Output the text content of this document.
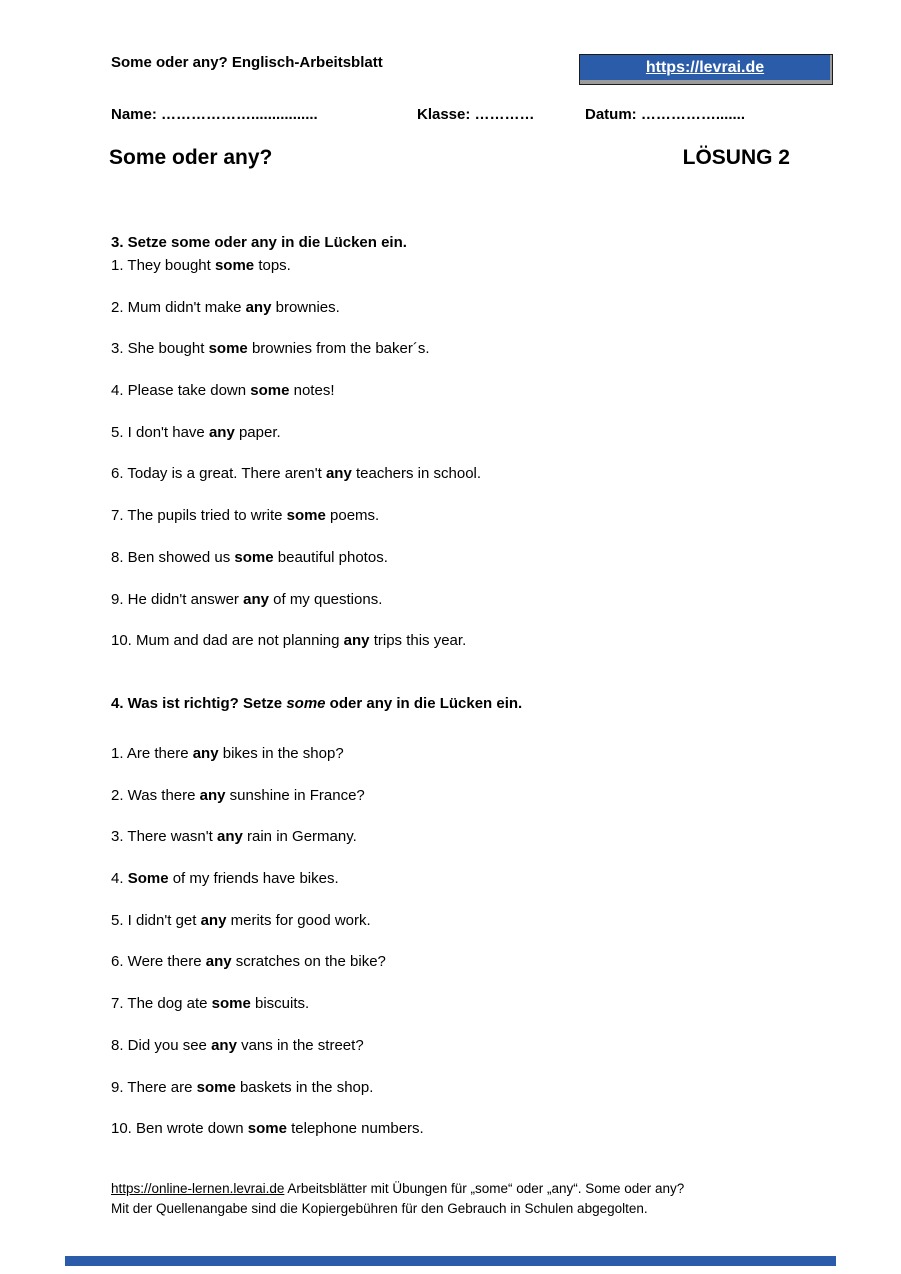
Some oder any? Englisch-Arbeitsblatt	https://levrai.de
Name: ………………................	Klasse: …………	Datum: …………….......
Some oder any?	LÖSUNG 2
3. Setze some oder any in die Lücken ein.
1. They bought some tops.
2. Mum didn't make any brownies.
3. She bought some brownies from the baker´s.
4. Please take down some notes!
5. I don't have any paper.
6. Today is a great. There aren't any teachers in school.
7. The pupils tried to write some poems.
8. Ben showed us some beautiful photos.
9. He didn't answer any of my questions.
10. Mum and dad are not planning any trips this year.
4. Was ist richtig? Setze some oder any in die Lücken ein.
1. Are there any bikes in the shop?
2. Was there any sunshine in France?
3. There wasn't any rain in Germany.
4. Some of my friends have bikes.
5. I didn't get any merits for good work.
6. Were there any scratches on the bike?
7. The dog ate some biscuits.
8. Did you see any vans in the street?
9. There are some baskets in the shop.
10. Ben wrote down some telephone numbers.
https://online-lernen.levrai.de Arbeitsblätter mit Übungen für „some“ oder „any“. Some oder any?
Mit der Quellenangabe sind die Kopiergebühren für den Gebrauch in Schulen abgegolten.
